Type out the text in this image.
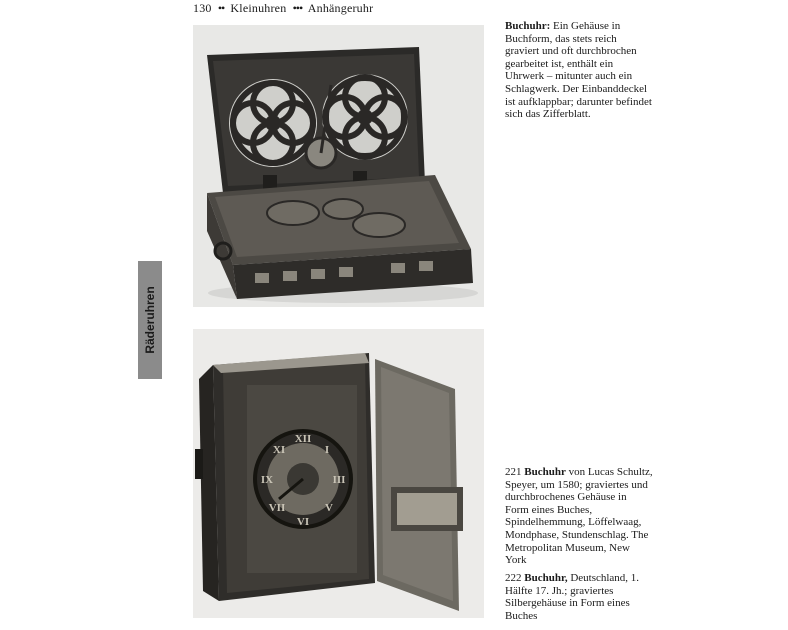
130 •• Kleinuhren ••• Anhängeruhr
Räderuhren
XII
III
VI
IX
I
XI
V
VII
Buchuhr: Ein Gehäuse in Buchform, das stets reich graviert und oft durchbrochen gearbeitet ist, enthält ein Uhrwerk – mitunter auch ein Schlagwerk. Der Einbanddeckel ist aufklappbar; darunter befindet sich das Zifferblatt.
221 Buchuhr von Lucas Schultz, Speyer, um 1580; graviertes und durchbrochenes Gehäuse in Form eines Buches, Spindelhemmung, Löffelwaag, Mondphase, Stundenschlag. The Metropolitan Museum, New York
222 Buchuhr, Deutschland, 1. Hälfte 17. Jh.; graviertes Silbergehäuse in Form eines Buches
